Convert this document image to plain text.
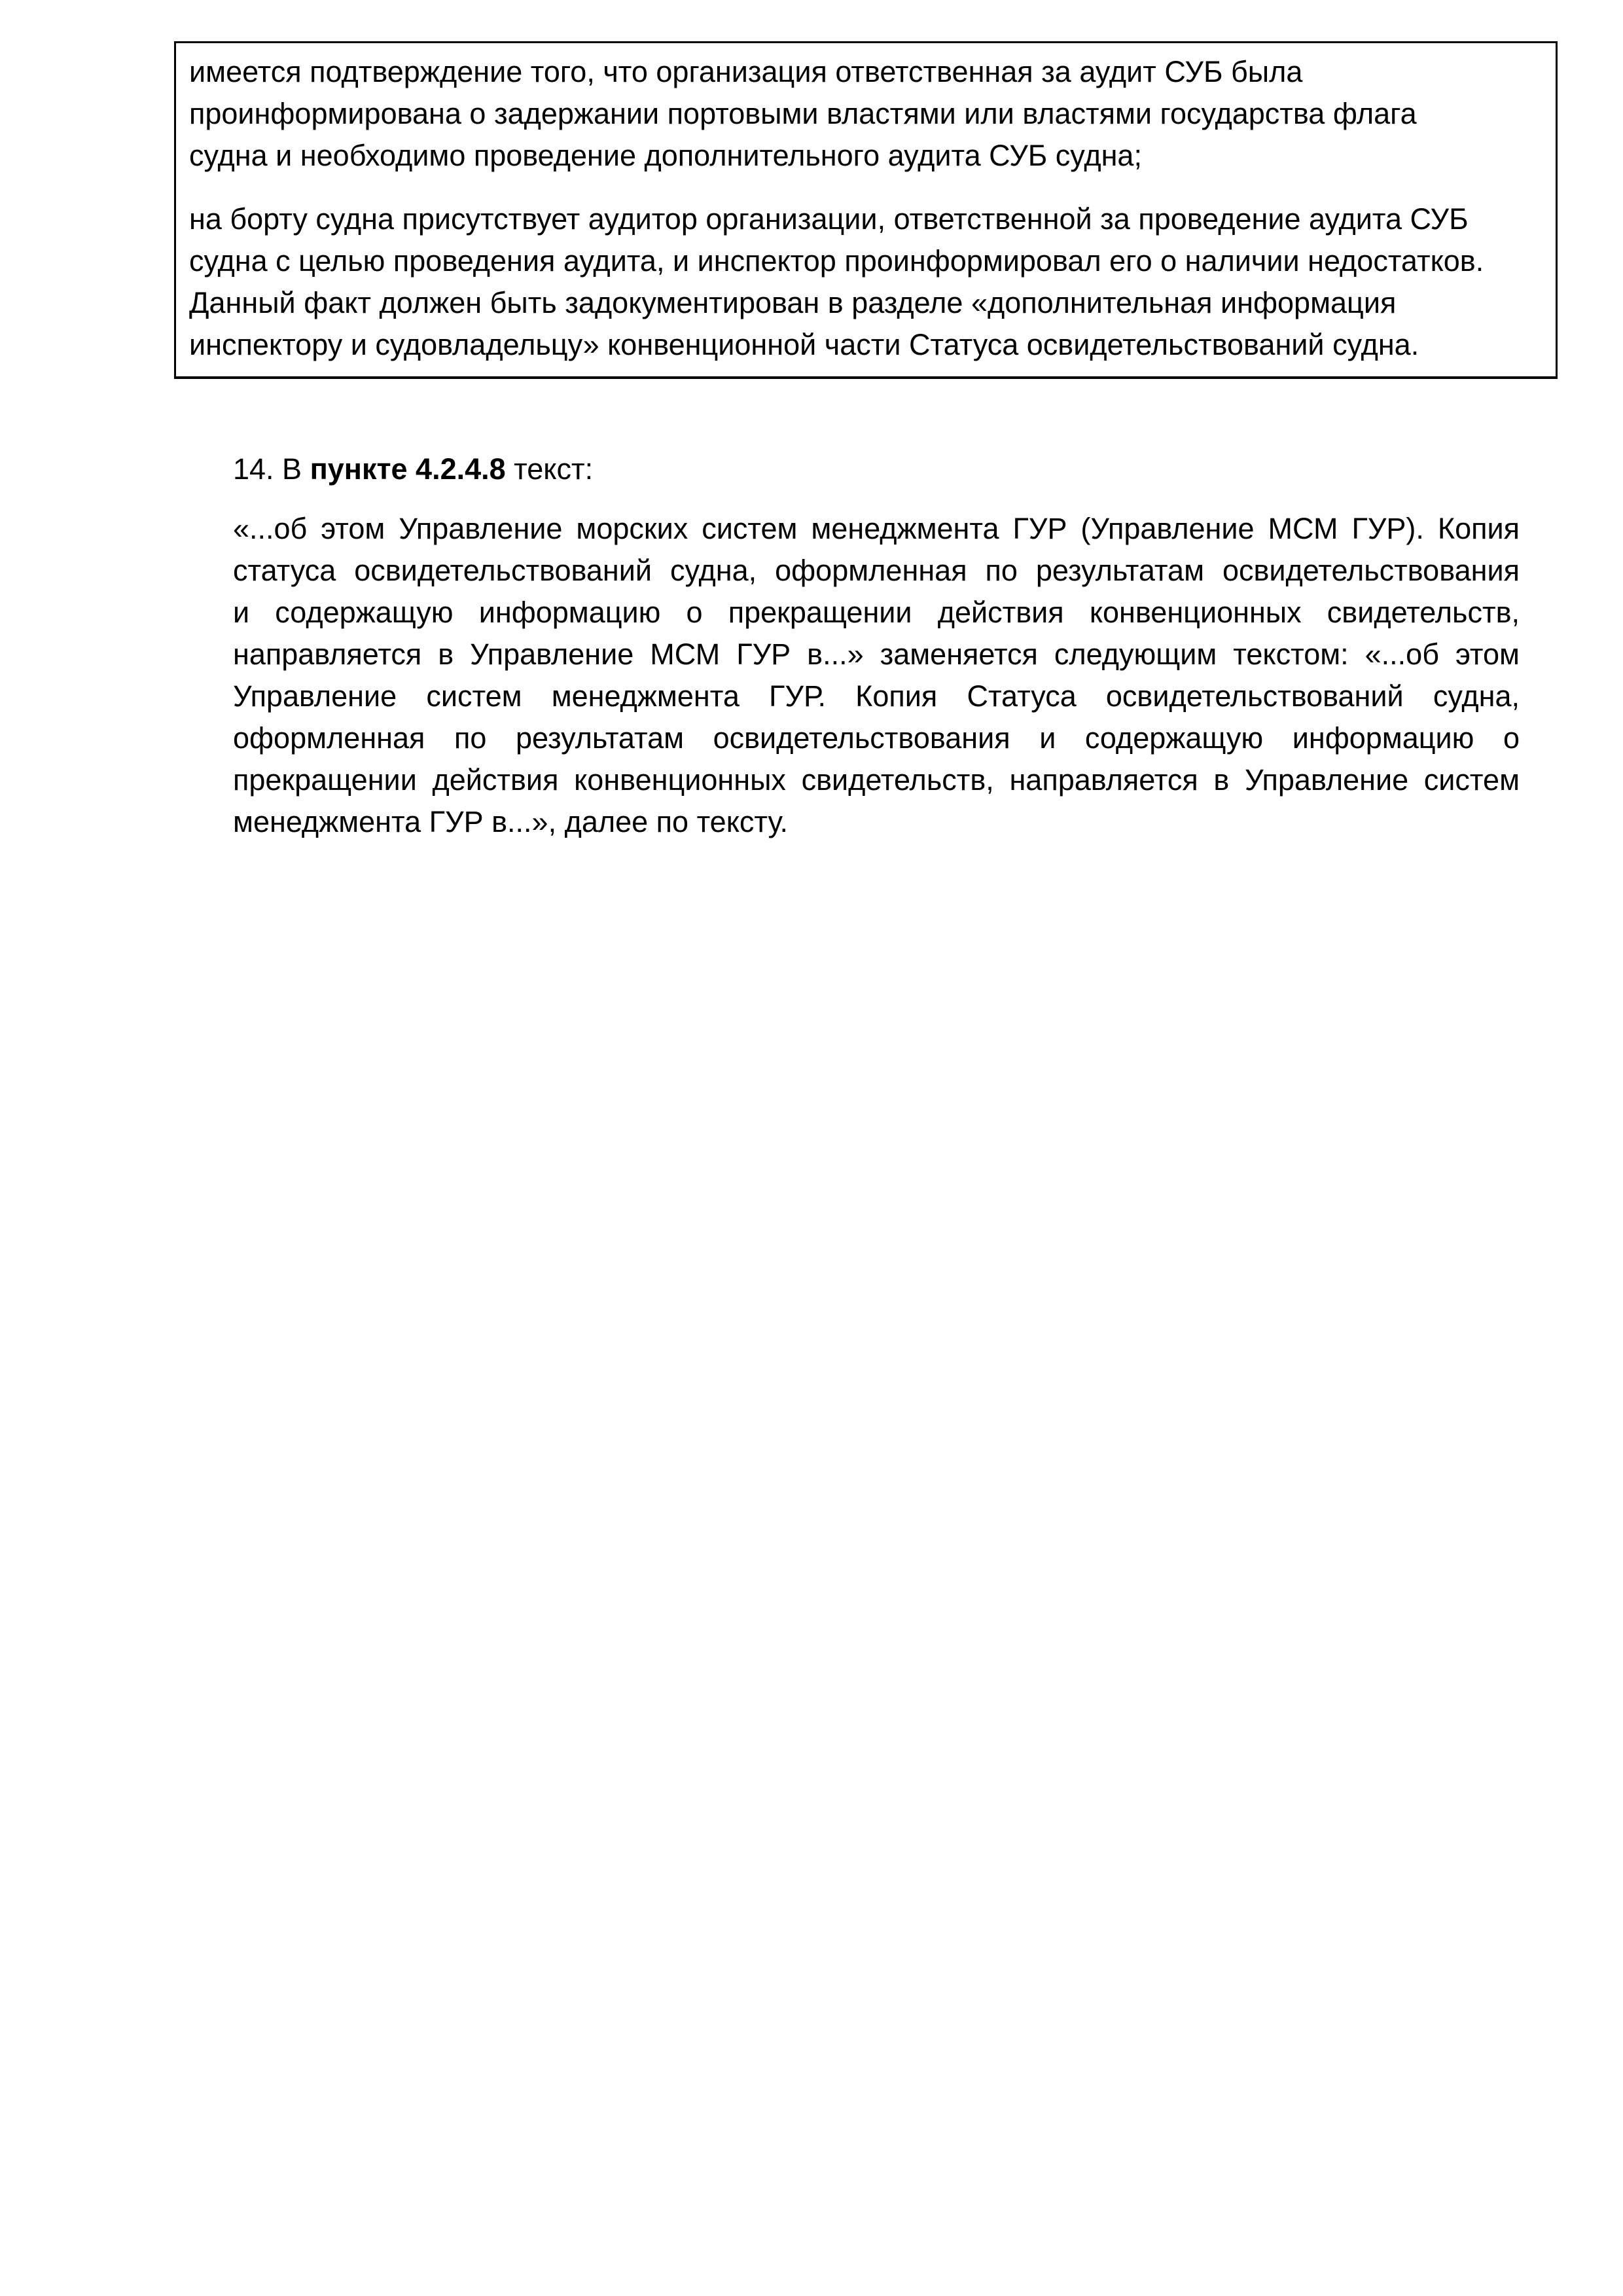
имеется подтверждение того, что организация ответственная за аудит СУБ была
проинформирована о задержании портовыми властями или властями государства флага
судна и необходимо проведение дополнительного аудита СУБ судна;
на борту судна присутствует аудитор организации, ответственной за проведение аудита СУБ
судна с целью проведения аудита, и инспектор проинформировал его о наличии недостатков.
Данный факт должен быть задокументирован в разделе «дополнительная информация
инспектору и судовладельцу» конвенционной части Статуса освидетельствований судна.
14. В пункте 4.2.4.8 текст:
«...об этом Управление морских систем менеджмента ГУР (Управление МСМ ГУР). Копия
статуса освидетельствований судна, оформленная по результатам освидетельствования
и содержащую информацию о прекращении действия конвенционных свидетельств,
направляется в Управление МСМ ГУР в...» заменяется следующим текстом: «...об этом
Управление систем менеджмента ГУР. Копия Статуса освидетельствований судна,
оформленная по результатам освидетельствования и содержащую информацию о
прекращении действия конвенционных свидетельств, направляется в Управление систем
менеджмента ГУР в...», далее по тексту.
